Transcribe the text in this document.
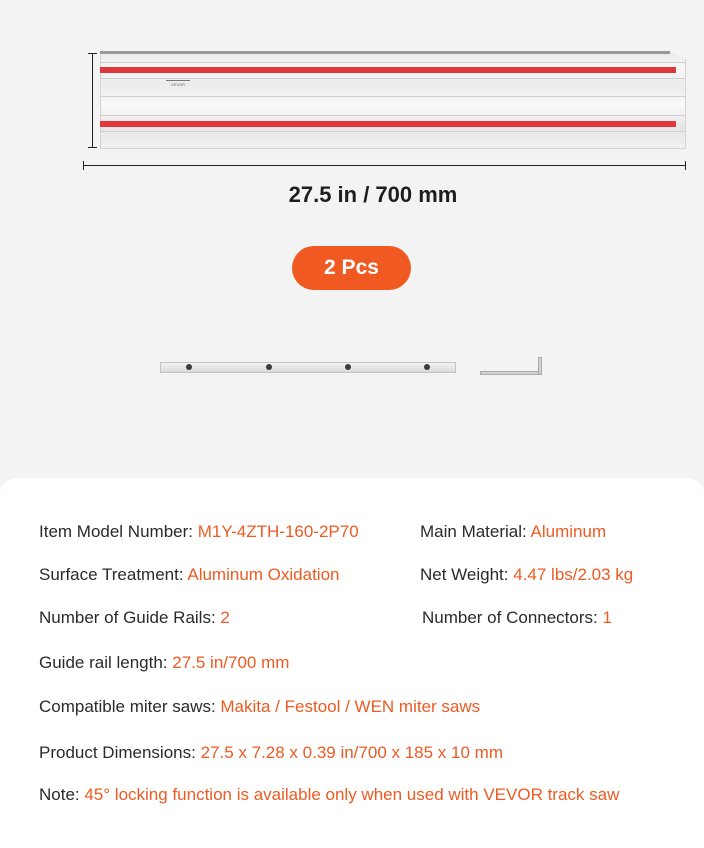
VEVOR
27.5 in / 700 mm
2 Pcs
Item Model Number: M1Y-4ZTH-160-2P70	Main Material: Aluminum
Surface Treatment: Aluminum Oxidation	Net Weight: 4.47 lbs/2.03 kg
Number of Guide Rails: 2	Number of Connectors: 1
Guide rail length: 27.5 in/700 mm
Compatible miter saws: Makita / Festool / WEN miter saws
Product Dimensions: 27.5 x 7.28 x 0.39 in/700 x 185 x 10 mm
Note: 45° locking function is available only when used with VEVOR track saw
